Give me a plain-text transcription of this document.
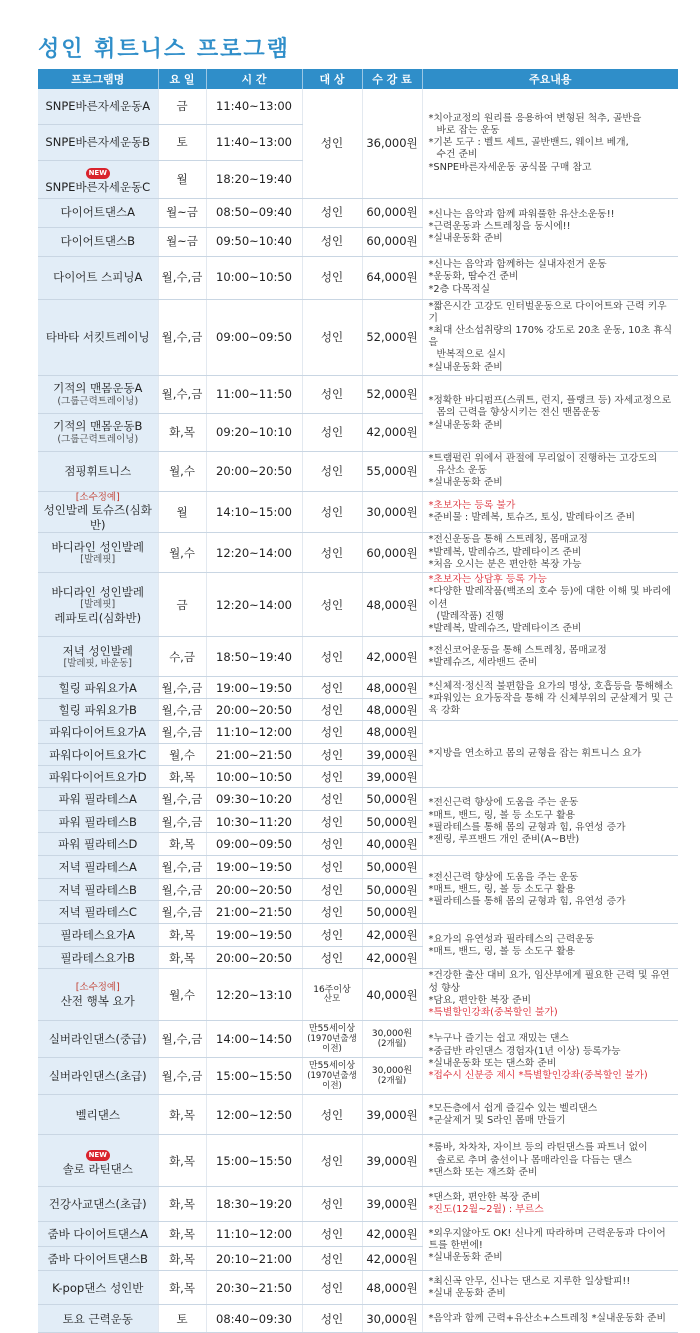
성인 휘트니스 프로그램
프로그램명	요 일	시 간	대 상	수 강 료	주요내용

SNPE바른자세운동A	금	11:40~13:00	성인	36,000원	*치아교정의 원리를 응용하여 변형된 척추, 골반을
바로 잡는 운동
*기본 도구 : 벨트 세트, 골반밴드, 웨이브 베개,
수건 준비
*SNPE바른자세운동 공식몰 구매 참고

SNPE바른자세운동B	토	11:40~13:00			
NEW

SNPE바른자세운동C	월	18:20~19:40			

다이어트댄스A	월~금	08:50~09:40	성인	60,000원	*신나는 음악과 함께 파워풀한 유산소운동!!
*근력운동과 스트레칭을 동시에!!
*실내운동화 준비

다이어트댄스B	월~금	09:50~10:40	성인	60,000원	

다이어트 스피닝A	월,수,금	10:00~10:50	성인	64,000원	*신나는 음악과 함께하는 실내자전거 운동
*운동화, 땀수건 준비
*2층 다목적실

타바타 서킷트레이닝	월,수,금	09:00~09:50	성인	52,000원	*짧은시간 고강도 인터벌운동으로 다이어트와 근력 키우기
*최대 산소섭취량의 170% 강도로 20초 운동, 10초 휴식을
반복적으로 실시
*실내운동화 준비

기적의 맨몸운동A
(그룹근력트레이닝)	월,수,금	11:00~11:50	성인	52,000원	*정확한 바디펌프(스쿼트, 런지, 플랭크 등) 자세교정으로
몸의 근력을 향상시키는 전신 맨몸운동
*실내운동화 준비

기적의 맨몸운동B
(그룹근력트레이닝)	화,목	09:20~10:10	성인	42,000원	

점핑휘트니스	월,수	20:00~20:50	성인	55,000원	*트램펄린 위에서 관절에 무리없이 진행하는 고강도의
유산소 운동
*실내운동화 준비

[소수정예]
성인발레 토슈즈(심화반)	월	14:10~15:00	성인	30,000원	*초보자는 등록 불가
*준비물 : 발레복, 토슈즈, 토싱, 발레타이즈 준비

바디라인 성인발레
[발레핏]	월,수	12:20~14:00	성인	60,000원	*전신운동을 통해 스트레칭, 몸매교정
*발레복, 발레슈즈, 발레타이즈 준비
*처음 오시는 분은 편안한 복장 가능

바디라인 성인발레
[발레핏]
레파토리(심화반)	금	12:20~14:00	성인	48,000원	*초보자는 상담후 등록 가능
*다양한 발레작품(백조의 호수 등)에 대한 이해 및 바리에이션
(발레작품) 진행
*발레복, 발레슈즈, 발레타이즈 준비

저녁 성인발레
[발레핏, 바운동]	수,금	18:50~19:40	성인	42,000원	*전신코어운동을 통해 스트레칭, 몸매교정
*발레슈즈, 세라밴드 준비

힐링 파워요가A	월,수,금	19:00~19:50	성인	48,000원	*신체적·정신적 불편함을 요가의 명상, 호흡등을 통해해소
*파워있는 요가동작을 통해 각 신체부위의 군살제거 및 근육 강화

힐링 파워요가B	월,수,금	20:00~20:50	성인	48,000원	

파워다이어트요가A	월,수,금	11:10~12:00	성인	48,000원	*지방을 연소하고 몸의 균형을 잡는 휘트니스 요가

파워다이어트요가C	월,수	21:00~21:50	성인	39,000원	

파워다이어트요가D	화,목	10:00~10:50	성인	39,000원	

파워 필라테스A	월,수,금	09:30~10:20	성인	50,000원	*전신근력 향상에 도움을 주는 운동
*매트, 밴드, 링, 볼 등 소도구 활용
*필라테스를 통해 몸의 균형과 힘, 유연성 증가
*젠링, 루프밴드 개인 준비(A~B반)

파워 필라테스B	월,수,금	10:30~11:20	성인	50,000원	

파워 필라테스D	화,목	09:00~09:50	성인	40,000원	

저녁 필라테스A	월,수,금	19:00~19:50	성인	50,000원	*전신근력 향상에 도움을 주는 운동
*매트, 밴드, 링, 볼 등 소도구 활용
*필라테스를 통해 몸의 균형과 힘, 유연성 증가

저녁 필라테스B	월,수,금	20:00~20:50	성인	50,000원	

저녁 필라테스C	월,수,금	21:00~21:50	성인	50,000원	

필라테스요가A	화,목	19:00~19:50	성인	42,000원	*요가의 유연성과 필라테스의 근력운동
*매트, 밴드, 링, 볼 등 소도구 활용

필라테스요가B	화,목	20:00~20:50	성인	42,000원	

[소수정예]
산전 행복 요가	월,수	12:20~13:10	16주이상
산모	40,000원	*건강한 출산 대비 요가, 임산부에게 필요한 근력 및 유연성 향상
*담요, 편안한 복장 준비
*특별할인강좌(중복할인 불가)

실버라인댄스(중급)	월,수,금	14:00~14:50	만55세이상
(1970년출생 이전)	30,000원
(2개월)	*누구나 즐기는 쉽고 재밌는 댄스
*중급반 라인댄스 경험자(1년 이상) 등록가능
*실내운동화 또는 댄스화 준비
*접수시 신분증 제시 *특별할인강좌(중복할인 불가)

실버라인댄스(초급)	월,수,금	15:00~15:50	만55세이상
(1970년출생 이전)	30,000원
(2개월)	

벨리댄스	화,목	12:00~12:50	성인	39,000원	*모든층에서 쉽게 즐길수 있는 벨리댄스
*군살제거 및 S라인 몸매 만들기

NEW

솔로 라틴댄스	화,목	15:00~15:50	성인	39,000원	*룸바, 차차차, 자이브 등의 라틴댄스를 파트너 없이
솔로로 추며 춤선이나 몸매라인을 다듬는 댄스
*댄스화 또는 재즈화 준비

건강사교댄스(초급)	화,목	18:30~19:20	성인	39,000원	*댄스화, 편안한 복장 준비
*진도(12월~2월) : 부르스

줌바 다이어트댄스A	화,목	11:10~12:00	성인	42,000원	*외우지않아도 OK! 신나게 따라하며 근력운동과 다이어트를 한번에!
*실내운동화 준비

줌바 다이어트댄스B	화,목	20:10~21:00	성인	42,000원	

K-pop댄스 성인반	화,목	20:30~21:50	성인	48,000원	*최신곡 안무, 신나는 댄스로 지루한 일상탈피!!
*실내 운동화 준비

토요 근력운동	토	08:40~09:30	성인	30,000원	*음악과 함께 근력+유산소+스트레칭 *실내운동화 준비
